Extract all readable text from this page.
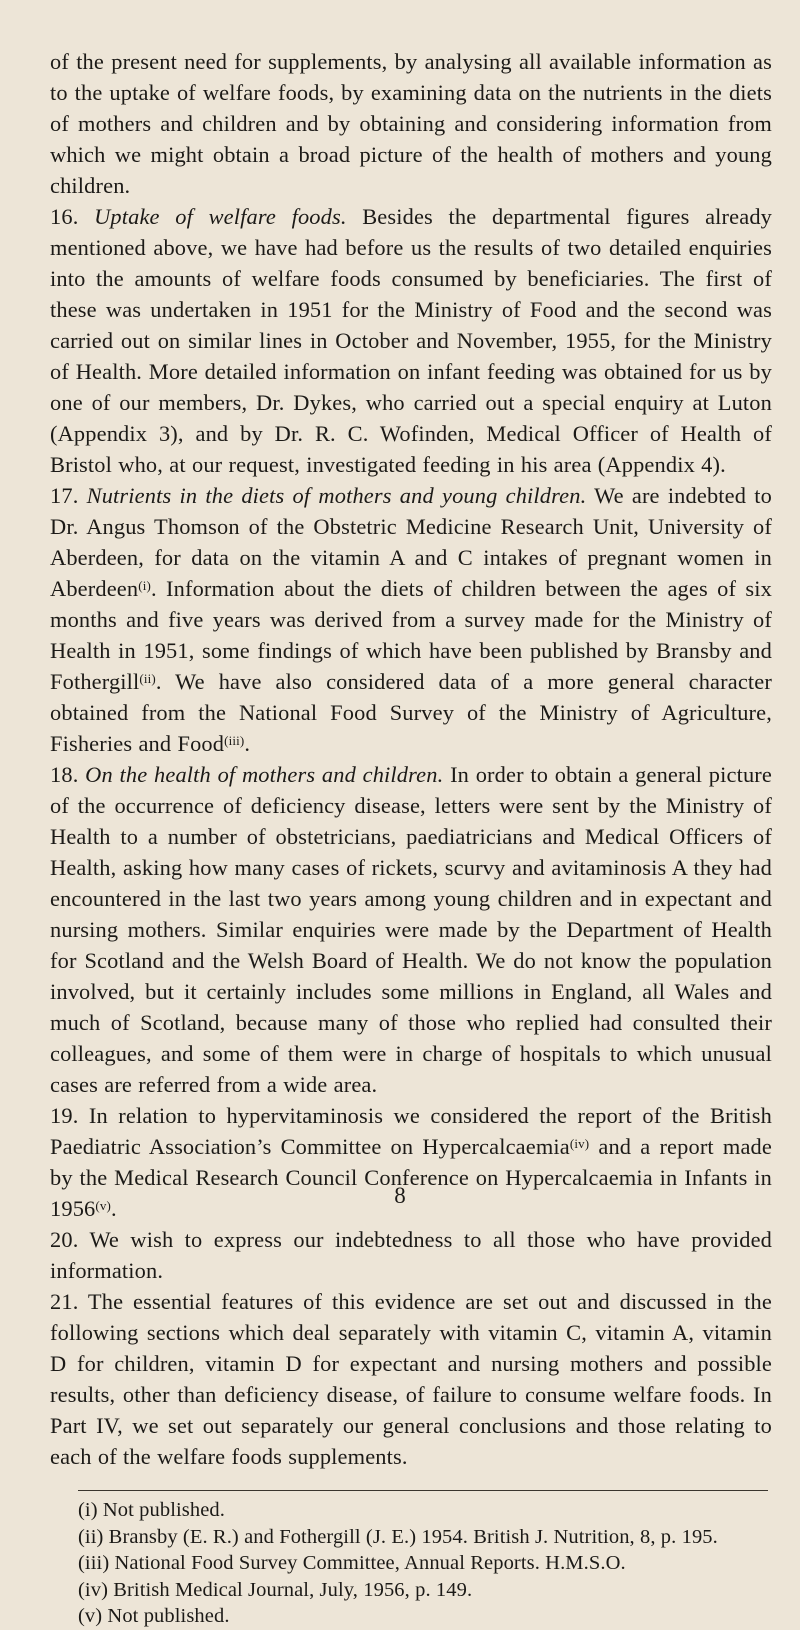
of the present need for supplements, by analysing all available information as to the uptake of welfare foods, by examining data on the nutrients in the diets of mothers and children and by obtaining and considering information from which we might obtain a broad picture of the health of mothers and young children.

16. Uptake of welfare foods. Besides the departmental figures already mentioned above, we have had before us the results of two detailed enquiries into the amounts of welfare foods consumed by beneficiaries. The first of these was undertaken in 1951 for the Ministry of Food and the second was carried out on similar lines in October and November, 1955, for the Ministry of Health. More detailed information on infant feeding was obtained for us by one of our members, Dr. Dykes, who carried out a special enquiry at Luton (Appendix 3), and by Dr. R. C. Wofinden, Medical Officer of Health of Bristol who, at our request, investigated feeding in his area (Appendix 4).

17. Nutrients in the diets of mothers and young children. We are indebted to Dr. Angus Thomson of the Obstetric Medicine Research Unit, University of Aberdeen, for data on the vitamin A and C intakes of pregnant women in Aberdeen$^{(i)}$. Information about the diets of children between the ages of six months and five years was derived from a survey made for the Ministry of Health in 1951, some findings of which have been published by Bransby and Fothergill$^{(ii)}$. We have also considered data of a more general character obtained from the National Food Survey of the Ministry of Agriculture, Fisheries and Food$^{(iii)}$.

18. On the health of mothers and children. In order to obtain a general picture of the occurrence of deficiency disease, letters were sent by the Ministry of Health to a number of obstetricians, paediatricians and Medical Officers of Health, asking how many cases of rickets, scurvy and avitaminosis A they had encountered in the last two years among young children and in expectant and nursing mothers. Similar enquiries were made by the Department of Health for Scotland and the Welsh Board of Health. We do not know the population involved, but it certainly includes some millions in England, all Wales and much of Scotland, because many of those who replied had consulted their colleagues, and some of them were in charge of hospitals to which unusual cases are referred from a wide area.

19. In relation to hypervitaminosis we considered the report of the British Paediatric Association’s Committee on Hypercalcaemia$^{(iv)}$ and a report made by the Medical Research Council Conference on Hypercalcaemia in Infants in 1956$^{(v)}$.

20. We wish to express our indebtedness to all those who have provided information.

21. The essential features of this evidence are set out and discussed in the following sections which deal separately with vitamin C, vitamin A, vitamin D for children, vitamin D for expectant and nursing mothers and possible results, other than deficiency disease, of failure to consume welfare foods. In Part IV, we set out separately our general conclusions and those relating to each of the welfare foods supplements.

(i) Not published.
(ii) Bransby (E. R.) and Fothergill (J. E.) 1954. British J. Nutrition, 8, p. 195.
(iii) National Food Survey Committee, Annual Reports. H.M.S.O.
(iv) British Medical Journal, July, 1956, p. 149.
(v) Not published.
8
